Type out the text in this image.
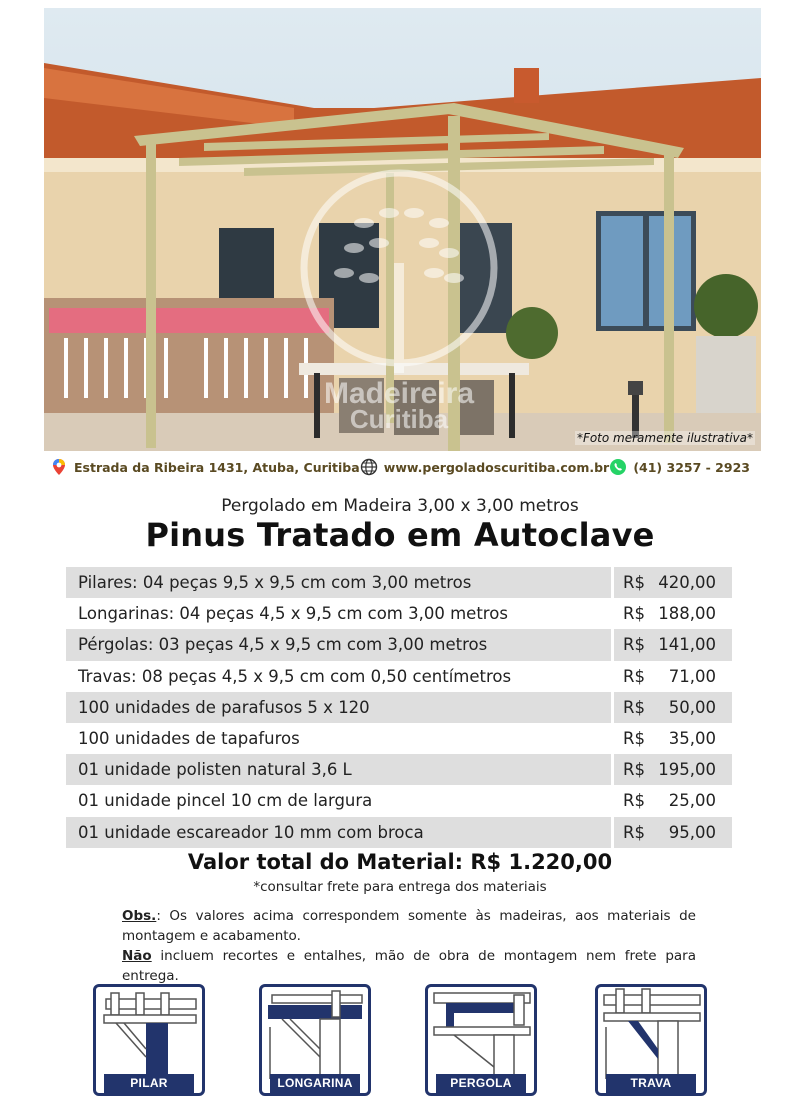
Madeireira
Curitiba
*Foto meramente ilustrativa*
Estrada da Ribeira 1431, Atuba, Curitiba www.pergoladoscuritiba.com.br (41) 3257 - 2923
Pergolado em Madeira 3,00 x 3,00 metros
Pinus Tratado em Autoclave
Pilares: 04 peças 9,5 x 9,5 cm com 3,00 metros	R$ 420,00
Longarinas: 04 peças 4,5 x 9,5 cm com 3,00 metros	R$ 188,00
Pérgolas: 03 peças 4,5 x 9,5 cm com 3,00 metros	R$ 141,00
Travas: 08 peças 4,5 x 9,5 cm com 0,50 centímetros	R$	71,00
100 unidades de parafusos 5 x 120	R$	50,00
100 unidades de tapafuros	R$	35,00
01 unidade polisten natural 3,6 L	R$ 195,00
01 unidade pincel 10 cm de largura	R$	25,00
01 unidade escareador 10 mm com broca	R$	95,00
Valor total do Material: R$ 1.220,00
*consultar frete para entrega dos materiais
Obs.: Os valores acima correspondem somente às madeiras, aos materiais de montagem e acabamento.
Não incluem recortes e entalhes, mão de obra de montagem nem frete para entrega.
PILAR	LONGARINA	PERGOLA	TRAVA
